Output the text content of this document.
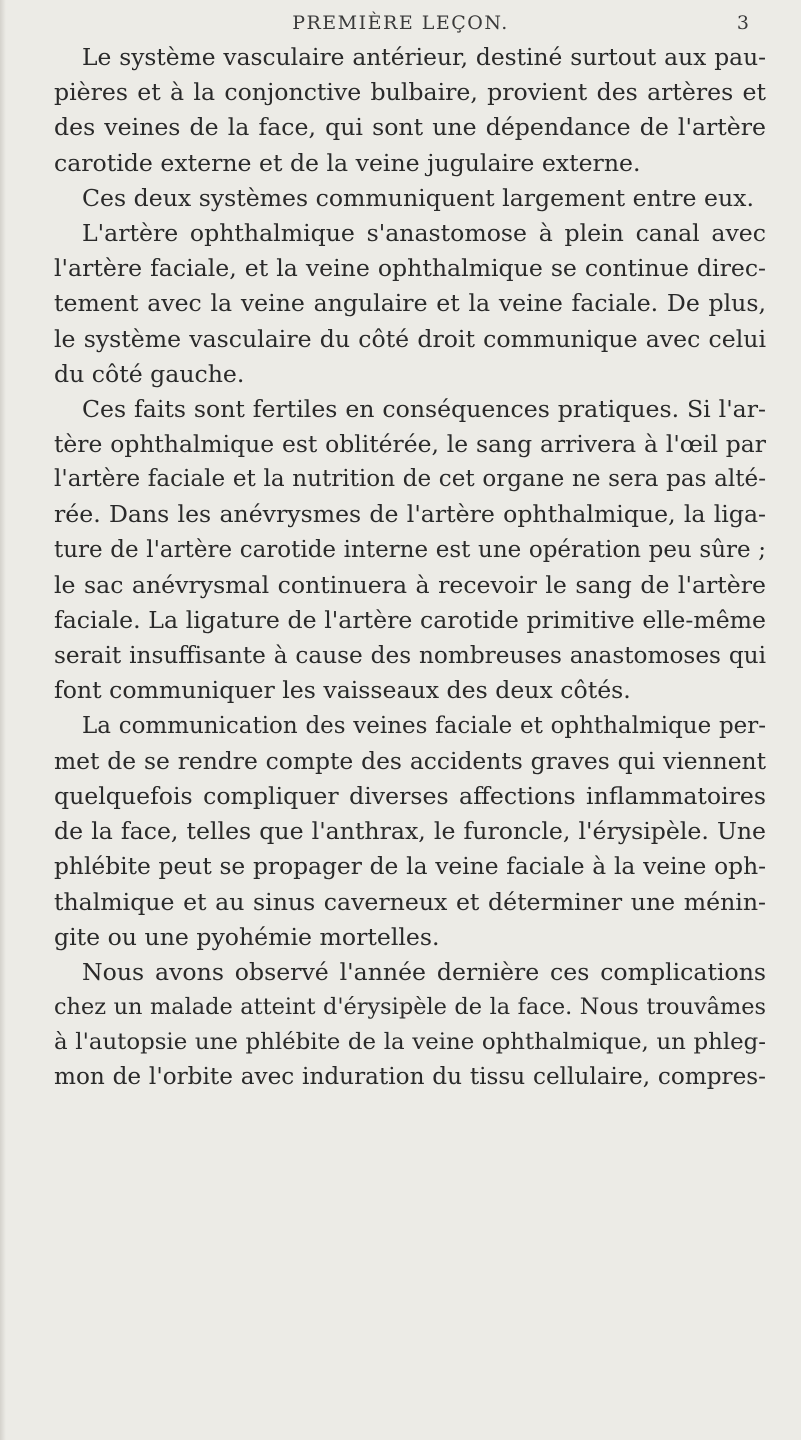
PREMIÈRE LEÇON.	3
Le système vasculaire antérieur, destiné surtout aux pau-
pières et à la conjonctive bulbaire, provient des artères et
des veines de la face, qui sont une dépendance de l'artère
carotide externe et de la veine jugulaire externe.
Ces deux systèmes communiquent largement entre eux.
L'artère ophthalmique s'anastomose à plein canal avec
l'artère faciale, et la veine ophthalmique se continue direc-
tement avec la veine angulaire et la veine faciale. De plus,
le système vasculaire du côté droit communique avec celui
du côté gauche.
Ces faits sont fertiles en conséquences pratiques. Si l'ar-
tère ophthalmique est oblitérée, le sang arrivera à l'œil par
l'artère faciale et la nutrition de cet organe ne sera pas alté-
rée. Dans les anévrysmes de l'artère ophthalmique, la liga-
ture de l'artère carotide interne est une opération peu sûre ;
le sac anévrysmal continuera à recevoir le sang de l'artère
faciale. La ligature de l'artère carotide primitive elle-même
serait insuffisante à cause des nombreuses anastomoses qui
font communiquer les vaisseaux des deux côtés.
La communication des veines faciale et ophthalmique per-
met de se rendre compte des accidents graves qui viennent
quelquefois compliquer diverses affections inflammatoires
de la face, telles que l'anthrax, le furoncle, l'érysipèle. Une
phlébite peut se propager de la veine faciale à la veine oph-
thalmique et au sinus caverneux et déterminer une ménin-
gite ou une pyohémie mortelles.
Nous avons observé l'année dernière ces complications
chez un malade atteint d'érysipèle de la face. Nous trouvâmes
à l'autopsie une phlébite de la veine ophthalmique, un phleg-
mon de l'orbite avec induration du tissu cellulaire, compres-
